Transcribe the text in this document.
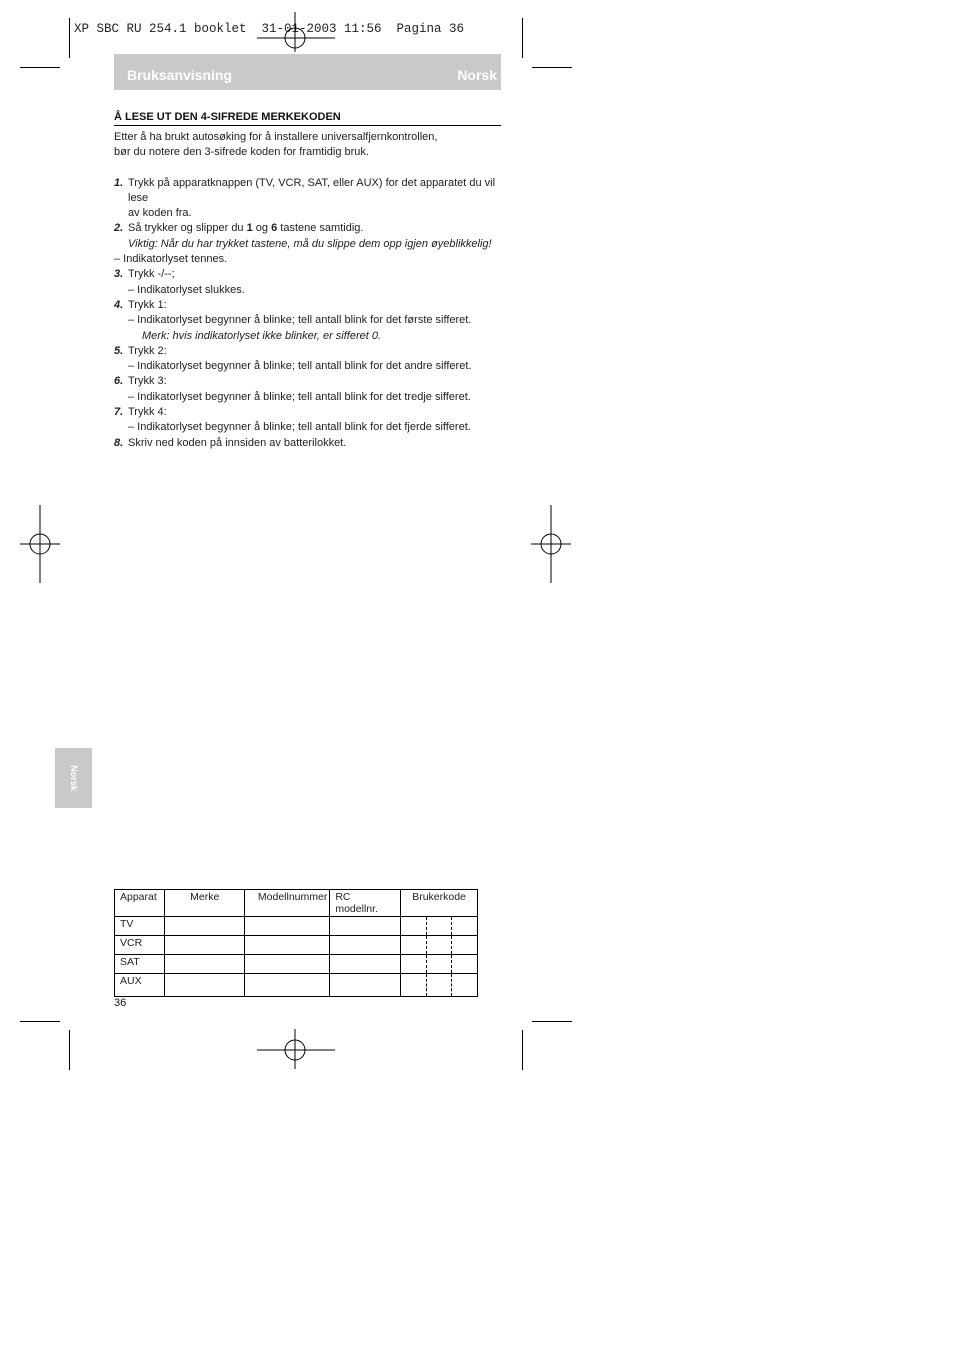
XP SBC RU 254.1 booklet  31-01-2003 11:56  Pagina 36
Bruksanvisning	Norsk
Å LESE UT DEN 4-SIFREDE MERKEKODEN

Etter å ha brukt autosøking for å installere universalfjernkontrollen,

bør du notere den 3-sifrede koden for framtidig bruk.

1. Trykk på apparatknappen (TV, VCR, SAT, eller AUX) for det apparatet du vil lese

av koden fra.

2. Så trykker og slipper du 1 og 6 tastene samtidig.

Viktig: Når du har trykket tastene, må du slippe dem opp igjen øyeblikkelig!

– Indikatorlyset tennes.

3. Trykk -/--;

– Indikatorlyset slukkes.

4. Trykk 1:

– Indikatorlyset begynner å blinke; tell antall blink for det første sifferet.

Merk: hvis indikatorlyset ikke blinker, er sifferet 0.

5. Trykk 2:

– Indikatorlyset begynner å blinke; tell antall blink for det andre sifferet.

6. Trykk 3:

– Indikatorlyset begynner å blinke; tell antall blink for det tredje sifferet.

7. Trykk 4:

– Indikatorlyset begynner å blinke; tell antall blink for det fjerde sifferet.

8. Skriv ned koden på innsiden av batterilokket.

Norsk
Apparat	Merke	Modellnummer	RC modellnr.	Brukerkode
TV				

VCR				

SAT				

AUX				
36
